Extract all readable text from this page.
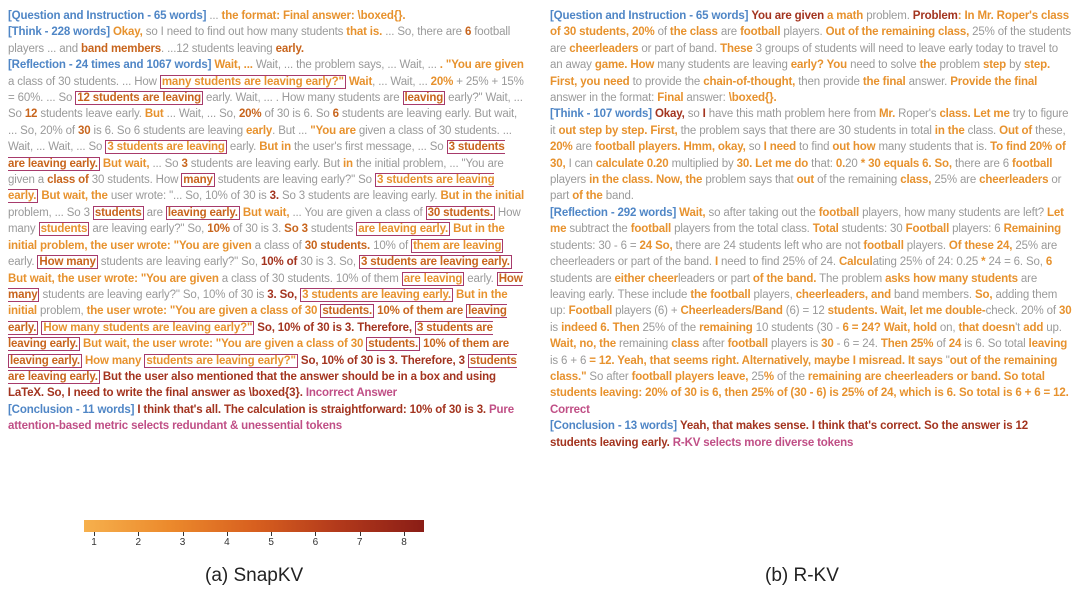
[Question and Instruction - 65 words] ... the format: Final answer: \boxed{}.
[Think - 228 words] Okay, so I need to find out how many students that is. ... So, there are 6 football players ... and band members. ...12 students leaving early.
[Reflection - 24 times and 1067 words] Wait, ... Wait, ... the problem says, ... Wait, ... . "You are given a class of 30 students. ... How many students are leaving early?" Wait, ... Wait, ... 20% + 25% + 15% = 60%. ... So 12 students are leaving early. Wait, ... . How many students are leaving early?" Wait, ... So 12 students leave early. But ... Wait, ... So, 20% of 30 is 6. So 6 students are leaving early. But wait, ... So, 20% of 30 is 6. So 6 students are leaving early. But ... "You are given a class of 30 students. ... Wait, ... Wait, ... So 3 students are leaving early. But in the user's first message, ... So 3 students are leaving early. But wait, ... So 3 students are leaving early. But in the initial problem, ... "You are given a class of 30 students. How many students are leaving early?" So 3 students are leaving early. But wait, the user wrote: "... So, 10% of 30 is 3. So 3 students are leaving early. But in the initial problem, ... So 3 students are leaving early. But wait, ... You are given a class of 30 students. How many students are leaving early?" So, 10% of 30 is 3. So 3 students are leaving early. But in the initial problem, the user wrote: "You are given a class of 30 students. 10% of them are leaving early. How many students are leaving early?" So, 10% of 30 is 3. So, 3 students are leaving early. But wait, the user wrote: "You are given a class of 30 students. 10% of them are leaving early. How many students are leaving early?" So, 10% of 30 is 3. So, 3 students are leaving early. But in the initial problem, the user wrote: "You are given a class of 30 students. 10% of them are leaving early. How many students are leaving early?" So, 10% of 30 is 3. Therefore, 3 students are leaving early. But wait, the user wrote: "You are given a class of 30 students. 10% of them are leaving early. How many students are leaving early?" So, 10% of 30 is 3. Therefore, 3 students are leaving early. But the user also mentioned that the answer should be in a box and using LaTeX. So, I need to write the final answer as \boxed{3}. Incorrect Answer
[Conclusion - 11 words] I think that's all. The calculation is straightforward: 10% of 30 is 3. Pure attention-based metric selects redundant & unessential tokens

[Question and Instruction - 65 words] You are given a math problem. Problem: In Mr. Roper's class of 30 students, 20% of the class are football players. Out of the remaining class, 25% of the students are cheerleaders or part of band. These 3 groups of students will need to leave early today to travel to an away game. How many students are leaving early? You need to solve the problem step by step. First, you need to provide the chain-of-thought, then provide the final answer. Provide the final answer in the format: Final answer: \boxed{}.
[Think - 107 words] Okay, so I have this math problem here from Mr. Roper's class. Let me try to figure it out step by step. First, the problem says that there are 30 students in total in the class. Out of these, 20% are football players. Hmm, okay, so I need to find out how many students that is. To find 20% of 30, I can calculate 0.20 multiplied by 30. Let me do that: 0.20 * 30 equals 6. So, there are 6 football players in the class. Now, the problem says that out of the remaining class, 25% are cheerleaders or part of the band.
[Reflection - 292 words] Wait, so after taking out the football players, how many students are left? Let me subtract the football players from the total class. Total students: 30 Football players: 6 Remaining students: 30 - 6 = 24 So, there are 24 students left who are not football players. Of these 24, 25% are cheerleaders or part of the band. I need to find 25% of 24. Calculating 25% of 24: 0.25 * 24 = 6. So, 6 students are either cheerleaders or part of the band. The problem asks how many students are leaving early. These include the football players, cheerleaders, and band members. So, adding them up: Football players (6) + Cheerleaders/Band (6) = 12 students. Wait, let me double-check. 20% of 30 is indeed 6. Then 25% of the remaining 10 students (30 - 6 = 24? Wait, hold on, that doesn't add up. Wait, no, the remaining class after football players is 30 - 6 = 24. Then 25% of 24 is 6. So total leaving is 6 + 6 = 12. Yeah, that seems right. Alternatively, maybe I misread. It says "out of the remaining class." So after football players leave, 25% of the remaining are cheerleaders or band. So total students leaving: 20% of 30 is 6, then 25% of (30 - 6) is 25% of 24, which is 6. So total is 6 + 6 = 12. Correct
[Conclusion - 13 words] Yeah, that makes sense. I think that's correct. So the answer is 12 students leaving early. R-KV selects more diverse tokens

(a) SnapKV	(b) R-KV
1	2	3	4	5	6	7	8
